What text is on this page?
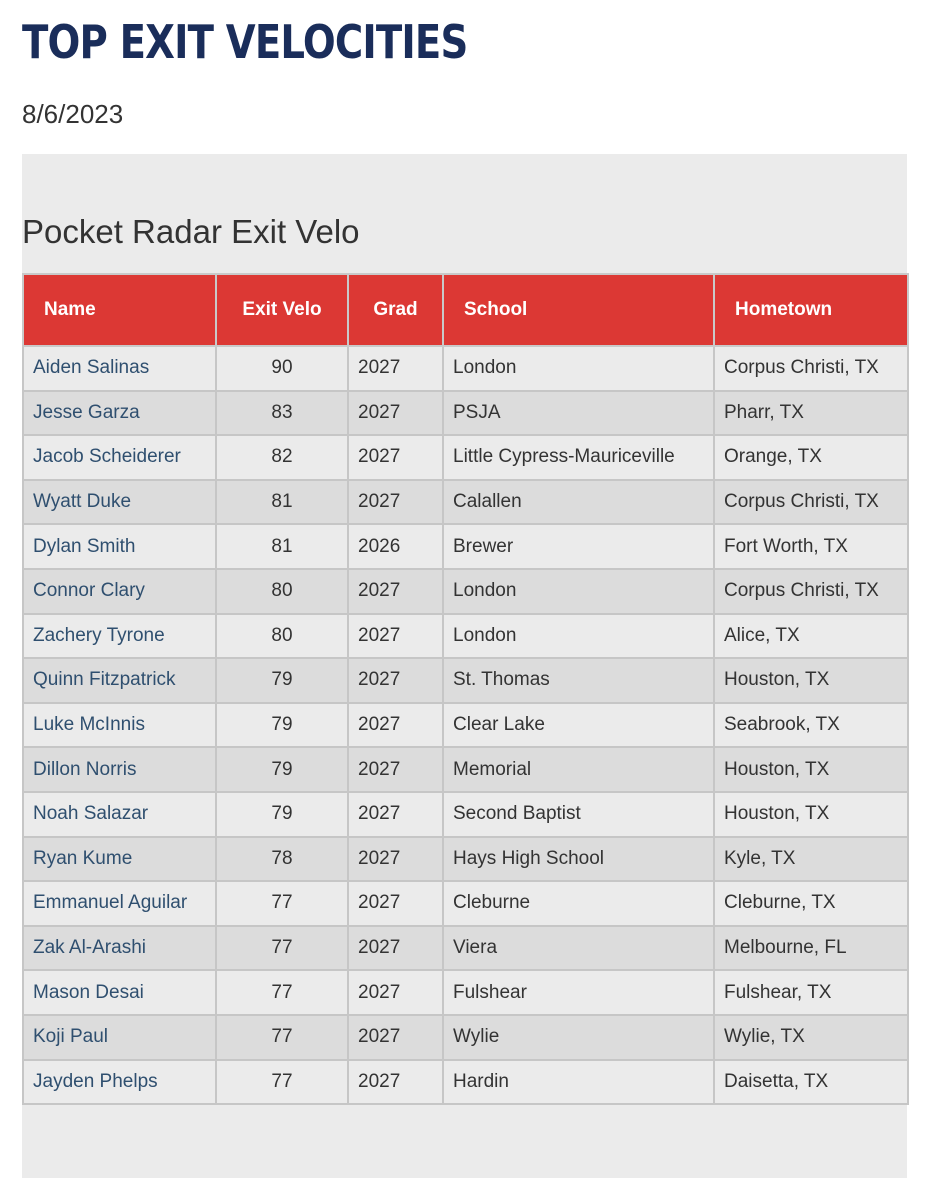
TOP EXIT VELOCITIES
8/6/2023
Pocket Radar Exit Velo
Name	Exit Velo	Grad	School	Hometown
Aiden Salinas	90	2027	London	Corpus Christi, TX
Jesse Garza	83	2027	PSJA	Pharr, TX
Jacob Scheiderer	82	2027	Little Cypress-Mauriceville	Orange, TX
Wyatt Duke	81	2027	Calallen	Corpus Christi, TX
Dylan Smith	81	2026	Brewer	Fort Worth, TX
Connor Clary	80	2027	London	Corpus Christi, TX
Zachery Tyrone	80	2027	London	Alice, TX
Quinn Fitzpatrick	79	2027	St. Thomas	Houston, TX
Luke McInnis	79	2027	Clear Lake	Seabrook, TX
Dillon Norris	79	2027	Memorial	Houston, TX
Noah Salazar	79	2027	Second Baptist	Houston, TX
Ryan Kume	78	2027	Hays High School	Kyle, TX
Emmanuel Aguilar	77	2027	Cleburne	Cleburne, TX
Zak Al-Arashi	77	2027	Viera	Melbourne, FL
Mason Desai	77	2027	Fulshear	Fulshear, TX
Koji Paul	77	2027	Wylie	Wylie, TX
Jayden Phelps	77	2027	Hardin	Daisetta, TX
